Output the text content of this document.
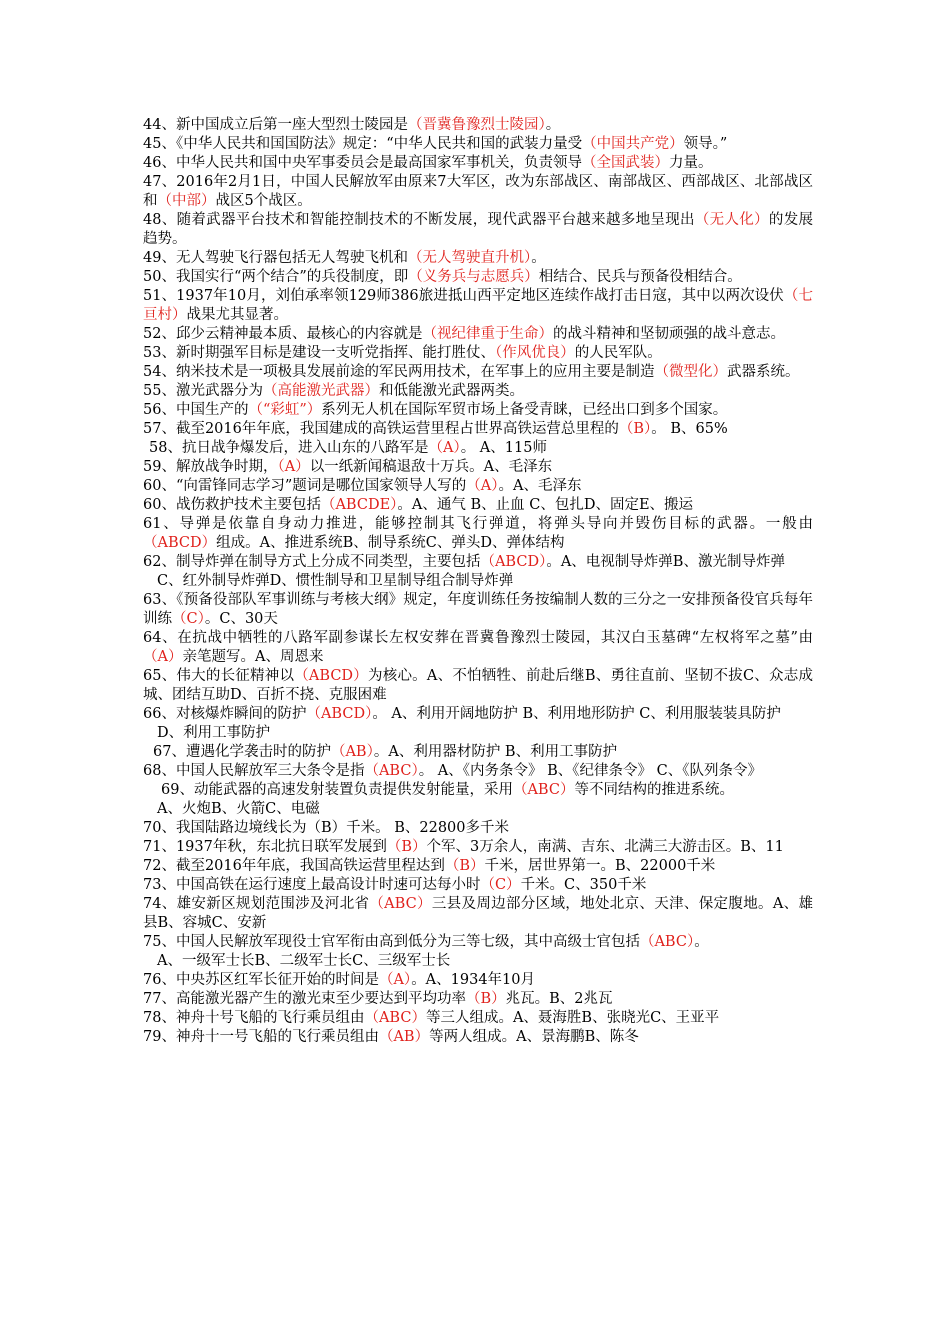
44、新中国成立后第一座大型烈士陵园是（晋冀鲁豫烈士陵园）。

45、《中华人民共和国国防法》规定：“中华人民共和国的武装力量受（中国共产党）领导。”

46、中华人民共和国中央军事委员会是最高国家军事机关，负责领导（全国武装）力量。

47、2016年2月1日，中国人民解放军由原来7大军区，改为东部战区、南部战区、西部战区、北部战区和（中部）战区5个战区。

48、随着武器平台技术和智能控制技术的不断发展，现代武器平台越来越多地呈现出（无人化）的发展趋势。

49、无人驾驶飞行器包括无人驾驶飞机和（无人驾驶直升机）。

50、我国实行“两个结合”的兵役制度，即（义务兵与志愿兵）相结合、民兵与预备役相结合。

51、1937年10月，刘伯承率领129师386旅进抵山西平定地区连续作战打击日寇，其中以两次设伏（七亘村）战果尤其显著。

52、邱少云精神最本质、最核心的内容就是（视纪律重于生命）的战斗精神和坚韧顽强的战斗意志。

53、新时期强军目标是建设一支听党指挥、能打胜仗、（作风优良）的人民军队。

54、纳米技术是一项极具发展前途的军民两用技术，在军事上的应用主要是制造（微型化）武器系统。

55、激光武器分为（高能激光武器）和低能激光武器两类。

56、中国生产的（“彩虹”）系列无人机在国际军贸市场上备受青睐，已经出口到多个国家。

57、截至2016年年底，我国建成的高铁运营里程占世界高铁运营总里程的（B）。 B、65%

58、抗日战争爆发后，进入山东的八路军是（A）。 A、115师

59、解放战争时期，（A）以一纸新闻稿退敌十万兵。A、毛泽东

60、“向雷锋同志学习”题词是哪位国家领导人写的（A）。A、毛泽东

60、战伤救护技术主要包括（ABCDE）。A、通气 B、止血 C、包扎D、固定E、搬运

61、导弹是依靠自身动力推进，能够控制其飞行弹道，将弹头导向并毁伤目标的武器。一般由（ABCD）组成。A、推进系统B、制导系统C、弹头D、弹体结构

62、制导炸弹在制导方式上分成不同类型，主要包括（ABCD）。A、电视制导炸弹B、激光制导炸弹

C、红外制导炸弹D、惯性制导和卫星制导组合制导炸弹

63、《预备役部队军事训练与考核大纲》规定，年度训练任务按编制人数的三分之一安排预备役官兵每年训练（C）。C、30天

64、在抗战中牺牲的八路军副参谋长左权安葬在晋冀鲁豫烈士陵园，其汉白玉墓碑“左权将军之墓”由（A）亲笔题写。A、周恩来

65、伟大的长征精神以（ABCD）为核心。A、不怕牺牲、前赴后继B、勇往直前、坚韧不拔C、众志成城、团结互助D、百折不挠、克服困难

66、对核爆炸瞬间的防护（ABCD）。 A、利用开阔地防护 B、利用地形防护 C、利用服装装具防护

D、利用工事防护

67、遭遇化学袭击时的防护（AB）。A、利用器材防护 B、利用工事防护

68、中国人民解放军三大条令是指（ABC）。 A、《内务条令》 B、《纪律条令》 C、《队列条令》

69、动能武器的高速发射装置负责提供发射能量，采用（ABC）等不同结构的推进系统。

A、火炮B、火箭C、电磁

70、我国陆路边境线长为（B）千米。 B、22800多千米

71、1937年秋，东北抗日联军发展到（B）个军、3万余人，南满、吉东、北满三大游击区。B、11

72、截至2016年年底，我国高铁运营里程达到（B）千米，居世界第一。B、22000千米

73、中国高铁在运行速度上最高设计时速可达每小时（C）千米。C、350千米

74、雄安新区规划范围涉及河北省（ABC）三县及周边部分区域，地处北京、天津、保定腹地。A、雄县B、容城C、安新

75、中国人民解放军现役士官军衔由高到低分为三等七级，其中高级士官包括（ABC）。

A、一级军士长B、二级军士长C、三级军士长

76、中央苏区红军长征开始的时间是（A）。A、1934年10月

77、高能激光器产生的激光束至少要达到平均功率（B）兆瓦。B、2兆瓦

78、神舟十号飞船的飞行乘员组由（ABC）等三人组成。A、聂海胜B、张晓光C、王亚平

79、神舟十一号飞船的飞行乘员组由（AB）等两人组成。A、景海鹏B、陈冬
